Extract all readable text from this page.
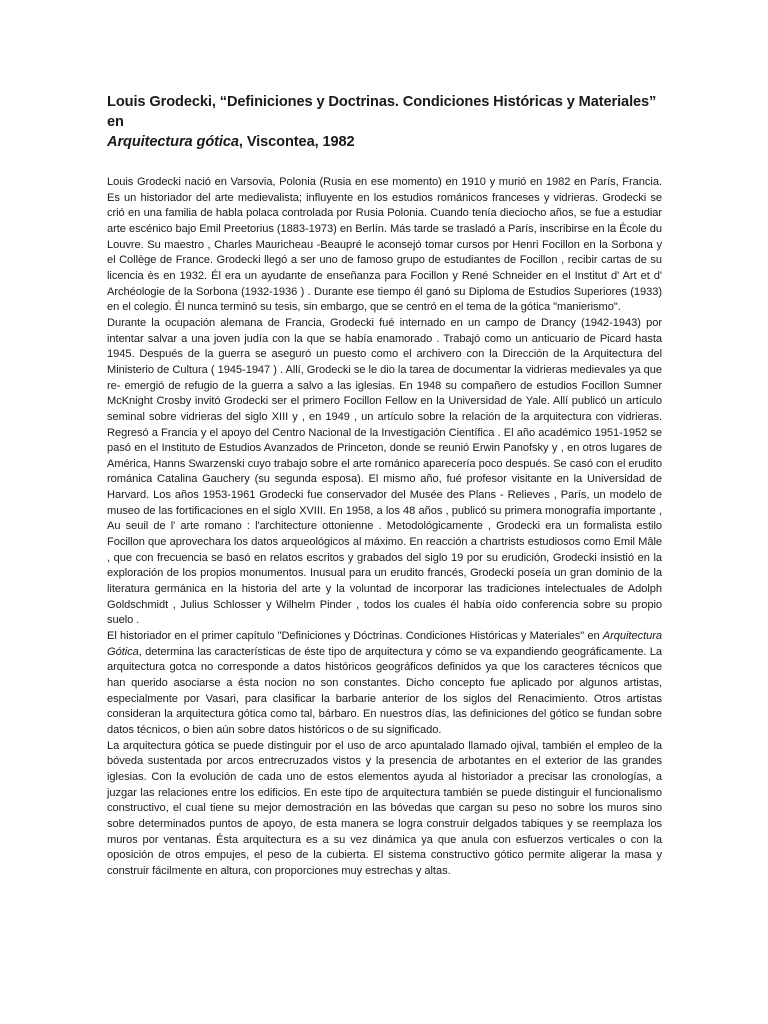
Louis Grodecki, “Definiciones y Doctrinas. Condiciones Históricas y Materiales” en
Arquitectura gótica, Viscontea, 1982

Louis Grodecki nació en Varsovia, Polonia (Rusia en ese momento) en 1910 y murió en 1982 en París, Francia. Es un historiador del arte medievalista; influyente en los estudios románicos franceses y vidrieras. Grodecki se crió en una familia de habla polaca controlada por Rusia Polonia. Cuando tenía dieciocho años, se fue a estudiar arte escénico bajo Emil Preetorius (1883-1973) en Berlín. Más tarde se trasladó a París, inscribirse en la École du Louvre. Su maestro , Charles Mauricheau -Beaupré le aconsejó tomar cursos por Henri Focillon en la Sorbona y el Collège de France. Grodecki llegó a ser uno de famoso grupo de estudiantes de Focillon , recibir cartas de su licencia ès en 1932. Él era un ayudante de enseñanza para Focillon y René Schneider en el Institut d' Art et d' Archéologie de la Sorbona (1932-1936 ) . Durante ese tiempo él ganó su Diploma de Estudios Superiores (1933) en el colegio. Él nunca terminó su tesis, sin embargo, que se centró en el tema de la gótica "manierismo".

Durante la ocupación alemana de Francia, Grodecki fué internado en un campo de Drancy (1942-1943) por intentar salvar a una joven judía con la que se había enamorado . Trabajó como un anticuario de Picard hasta 1945. Después de la guerra se aseguró un puesto como el archivero con la Dirección de la Arquitectura del Ministerio de Cultura ( 1945-1947 ) . Allí, Grodecki se le dio la tarea de documentar la vidrieras medievales ya que re- emergió de refugio de la guerra a salvo a las iglesias. En 1948 su compañero de estudios Focillon Sumner McKnight Crosby invitó Grodecki ser el primero Focillon Fellow en la Universidad de Yale. Allí publicó un artículo seminal sobre vidrieras del siglo XIII y , en 1949 , un artículo sobre la relación de la arquitectura con vidrieras. Regresó a Francia y el apoyo del Centro Nacional de la Investigación Científica . El año académico 1951-1952 se pasó en el Instituto de Estudios Avanzados de Princeton, donde se reunió Erwin Panofsky y , en otros lugares de América, Hanns Swarzenski cuyo trabajo sobre el arte románico aparecería poco después. Se casó con el erudito románica Catalina Gauchery (su segunda esposa). El mismo año, fué profesor visitante en la Universidad de Harvard. Los años 1953-1961 Grodecki fue conservador del Musée des Plans - Relieves , París, un modelo de museo de las fortificaciones en el siglo XVIII. En 1958, a los 48 años , publicó su primera monografía importante , Au seuil de l' arte romano : l'architecture ottonienne . Metodológicamente , Grodecki era un formalista estilo Focillon que aprovechara los datos arqueológicos al máximo. En reacción a chartrists estudiosos como Emil Mâle , que con frecuencia se basó en relatos escritos y grabados del siglo 19 por su erudición, Grodecki insistió en la exploración de los propios monumentos. Inusual para un erudito francés, Grodecki poseía un gran dominio de la literatura germánica en la historia del arte y la voluntad de incorporar las tradiciones intelectuales de Adolph Goldschmidt , Julius Schlosser y Wilhelm Pinder , todos los cuales él había oído conferencia sobre su propio suelo .

El historiador en el primer capítulo "Definiciones y Dóctrinas. Condiciones Históricas y Materiales" en Arquitectura Gótica, determina las características de éste tipo de arquitectura y cómo se va expandiendo geográficamente. La arquitectura gotca no corresponde a datos históricos geográficos definidos ya que los caracteres técnicos que han querido asociarse a ésta nocion no son constantes. Dicho concepto fue aplicado por algunos artistas, especialmente por Vasari, para clasificar la barbarie anterior de los siglos del Renacimiento. Otros artistas consideran la arquitectura gótica como tal, bárbaro. En nuestros días, las definiciones del gótico se fundan sobre datos técnicos, o bien aún sobre datos históricos o de su significado.

La arquitectura gótica se puede distinguir por el uso de arco apuntalado llamado ojival, también el empleo de la bóveda sustentada por arcos entrecruzados vistos y la presencia de arbotantes en el exterior de las grandes iglesias. Con la evolución de cada uno de estos elementos ayuda al historiador a precisar las cronologías, a juzgar las relaciones entre los edificios. En este tipo de arquitectura también se puede distinguir el funcionalismo constructivo, el cual tiene su mejor demostración en las bóvedas que cargan su peso no sobre los muros sino sobre determinados puntos de apoyo, de esta manera se logra construir delgados tabiques y se reemplaza los muros por ventanas. Ésta arquitectura es a su vez dinámica ya que anula con esfuerzos verticales o con la oposición de otros empujes, el peso de la cubierta. El sistema constructivo gótico permite aligerar la masa y construir fácilmente en altura, con proporciones muy estrechas y altas.
